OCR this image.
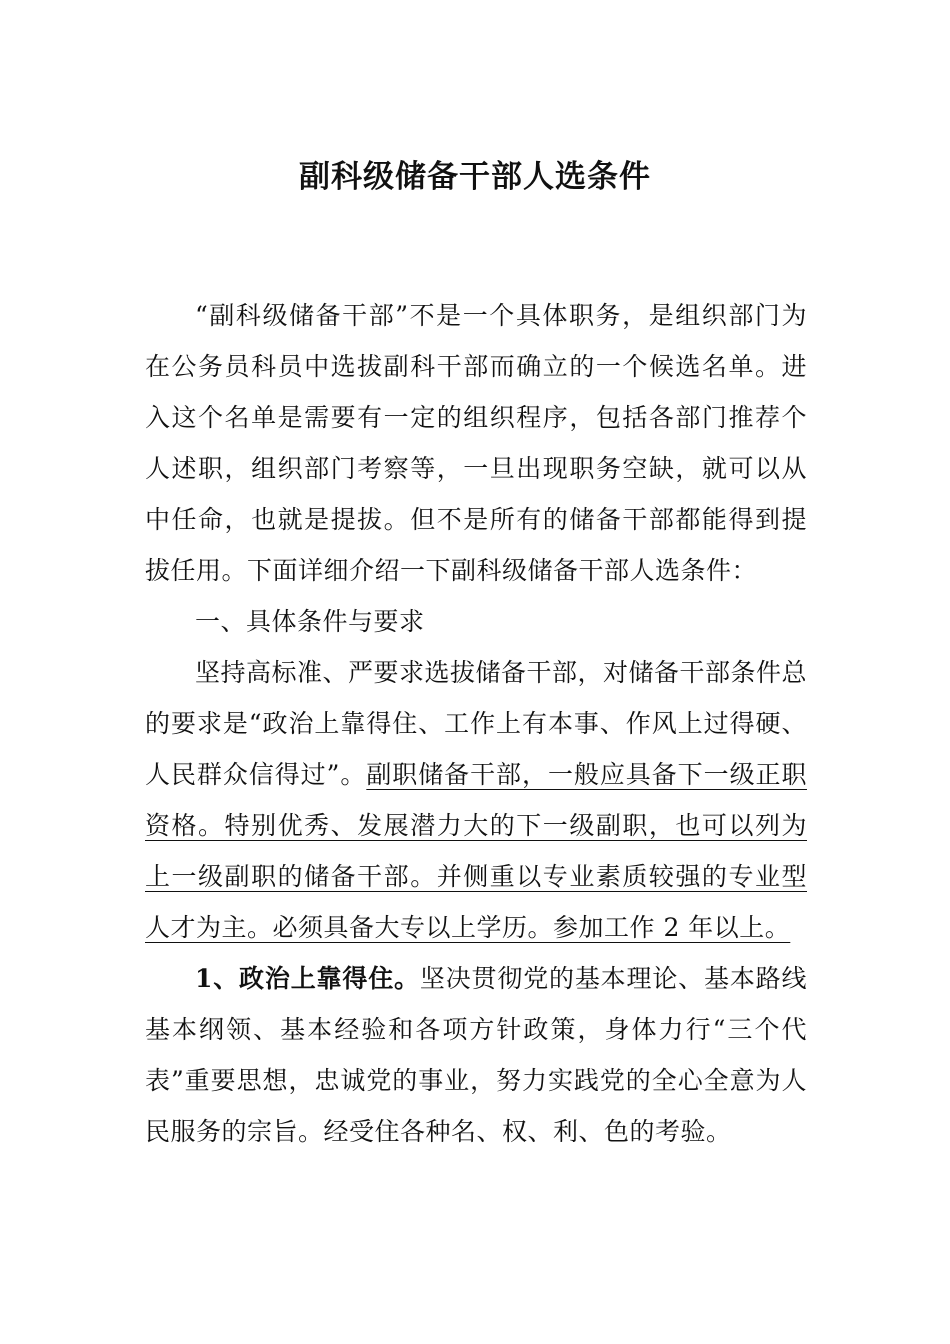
副科级储备干部人选条件

“副科级储备干部”不是一个具体职务，是组织部门为在公务员科员中选拔副科干部而确立的一个候选名单。进入这个名单是需要有一定的组织程序，包括各部门推荐个人述职，组织部门考察等，一旦出现职务空缺，就可以从中任命，也就是提拔。但不是所有的储备干部都能得到提拔任用。下面详细介绍一下副科级储备干部人选条件：

一、具体条件与要求

坚持高标准、严要求选拔储备干部，对储备干部条件总的要求是“政治上靠得住、工作上有本事、作风上过得硬、人民群众信得过”。副职储备干部，一般应具备下一级正职资格。特别优秀、发展潜力大的下一级副职，也可以列为上一级副职的储备干部。并侧重以专业素质较强的专业型人才为主。必须具备大专以上学历。参加工作 2 年以上。

1、政治上靠得住。坚决贯彻党的基本理论、基本路线基本纲领、基本经验和各项方针政策，身体力行“三个代表”重要思想，忠诚党的事业，努力实践党的全心全意为人民服务的宗旨。经受住各种名、权、利、色的考验。
